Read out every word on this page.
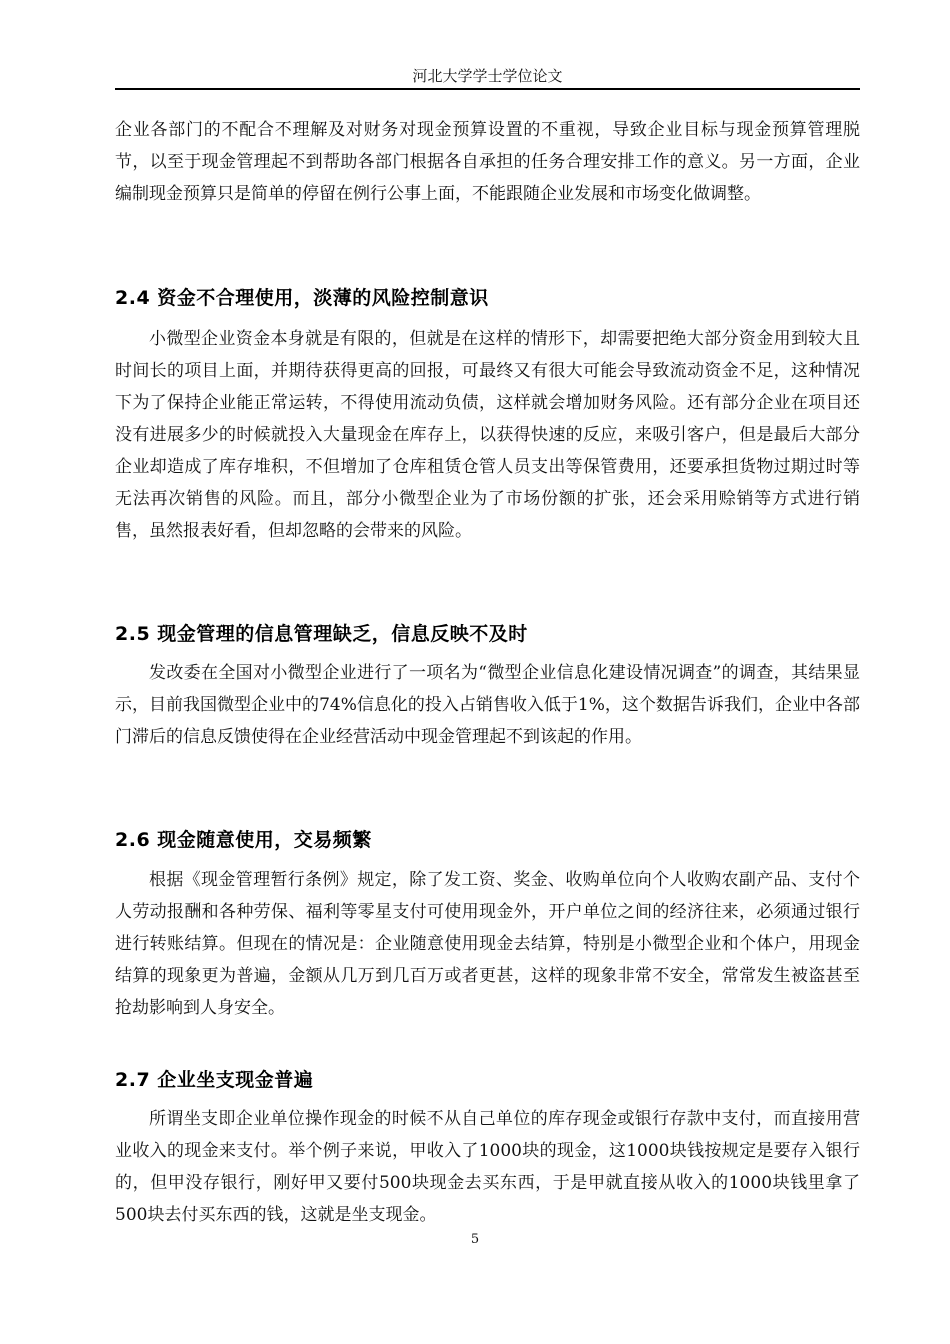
河北大学学士学位论文

企业各部门的不配合不理解及对财务对现金预算设置的不重视，导致企业目标与现金预算管理脱节，以至于现金管理起不到帮助各部门根据各自承担的任务合理安排工作的意义。另一方面，企业编制现金预算只是简单的停留在例行公事上面，不能跟随企业发展和市场变化做调整。

2.4 资金不合理使用，淡薄的风险控制意识

小微型企业资金本身就是有限的，但就是在这样的情形下，却需要把绝大部分资金用到较大且时间长的项目上面，并期待获得更高的回报，可最终又有很大可能会导致流动资金不足，这种情况下为了保持企业能正常运转，不得使用流动负债，这样就会增加财务风险。还有部分企业在项目还没有进展多少的时候就投入大量现金在库存上，以获得快速的反应，来吸引客户，但是最后大部分企业却造成了库存堆积，不但增加了仓库租赁仓管人员支出等保管费用，还要承担货物过期过时等无法再次销售的风险。而且，部分小微型企业为了市场份额的扩张，还会采用赊销等方式进行销售，虽然报表好看，但却忽略的会带来的风险。

2.5 现金管理的信息管理缺乏，信息反映不及时

发改委在全国对小微型企业进行了一项名为“微型企业信息化建设情况调查”的调查，其结果显示，目前我国微型企业中的74%信息化的投入占销售收入低于1%，这个数据告诉我们，企业中各部门滞后的信息反馈使得在企业经营活动中现金管理起不到该起的作用。

2.6 现金随意使用，交易频繁

根据《现金管理暂行条例》规定，除了发工资、奖金、收购单位向个人收购农副产品、支付个人劳动报酬和各种劳保、福利等零星支付可使用现金外，开户单位之间的经济往来，必须通过银行进行转账结算。但现在的情况是：企业随意使用现金去结算，特别是小微型企业和个体户，用现金结算的现象更为普遍，金额从几万到几百万或者更甚，这样的现象非常不安全，常常发生被盗甚至抢劫影响到人身安全。

2.7 企业坐支现金普遍

所谓坐支即企业单位操作现金的时候不从自己单位的库存现金或银行存款中支付，而直接用营业收入的现金来支付。举个例子来说，甲收入了1000块的现金，这1000块钱按规定是要存入银行的，但甲没存银行，刚好甲又要付500块现金去买东西，于是甲就直接从收入的1000块钱里拿了500块去付买东西的钱，这就是坐支现金。

5
